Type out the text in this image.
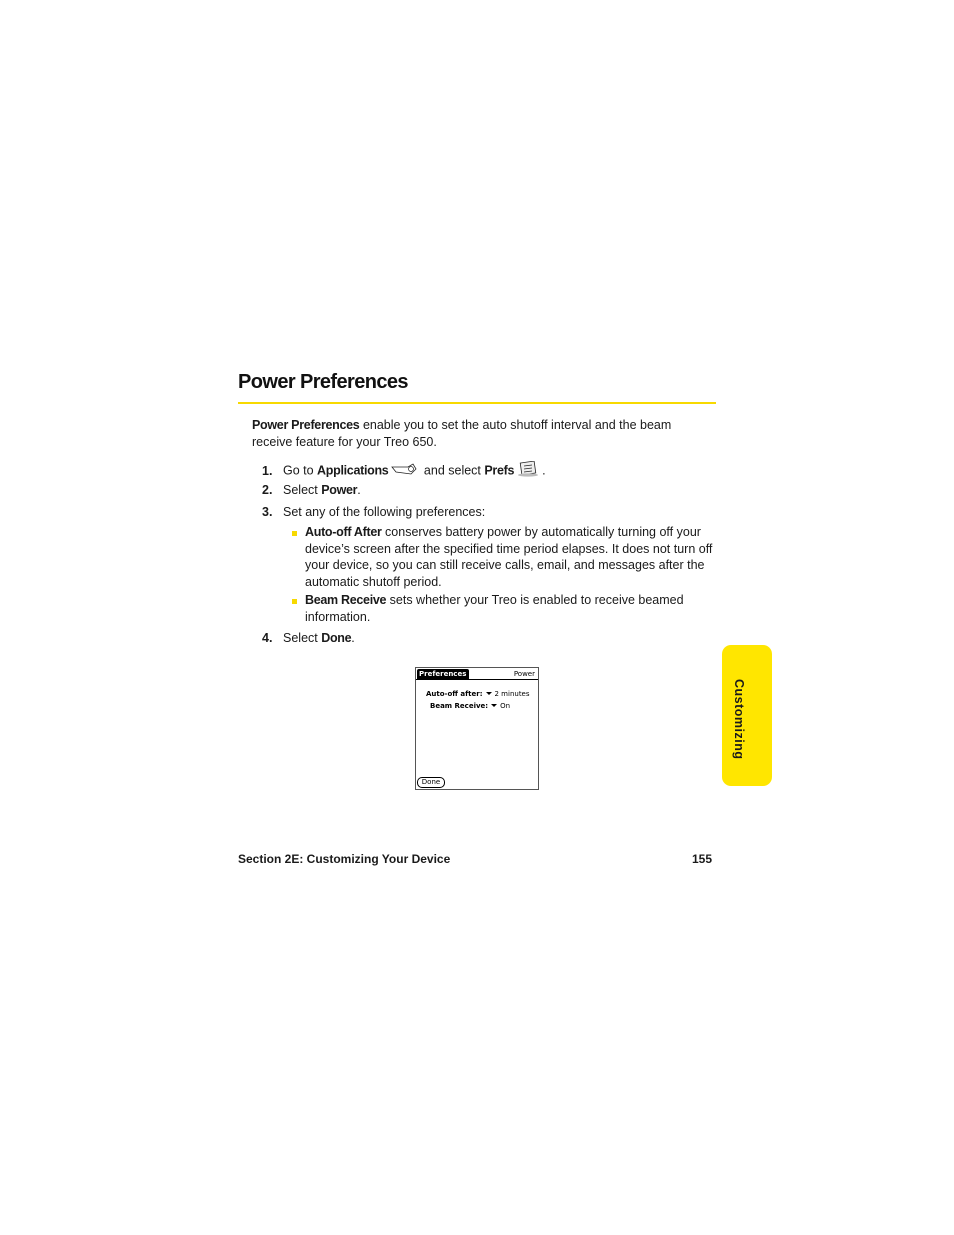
Power Preferences
Power Preferences enable you to set the auto shutoff interval and the beam receive feature for your Treo 650.
1. Go to Applications	and select Prefs .
2. Select Power.
3. Set any of the following preferences:
Auto-off After conserves battery power by automatically turning off your device’s screen after the specified time period elapses. It does not turn off your device, so you can still receive calls, email, and messages after the automatic shutoff period.
Beam Receive sets whether your Treo is enabled to receive beamed information.
4. Select Done.
Preferences	Power
Auto-off after: 2 minutes
Beam Receive: On
Done
Customizing
Section 2E: Customizing Your Device	155
